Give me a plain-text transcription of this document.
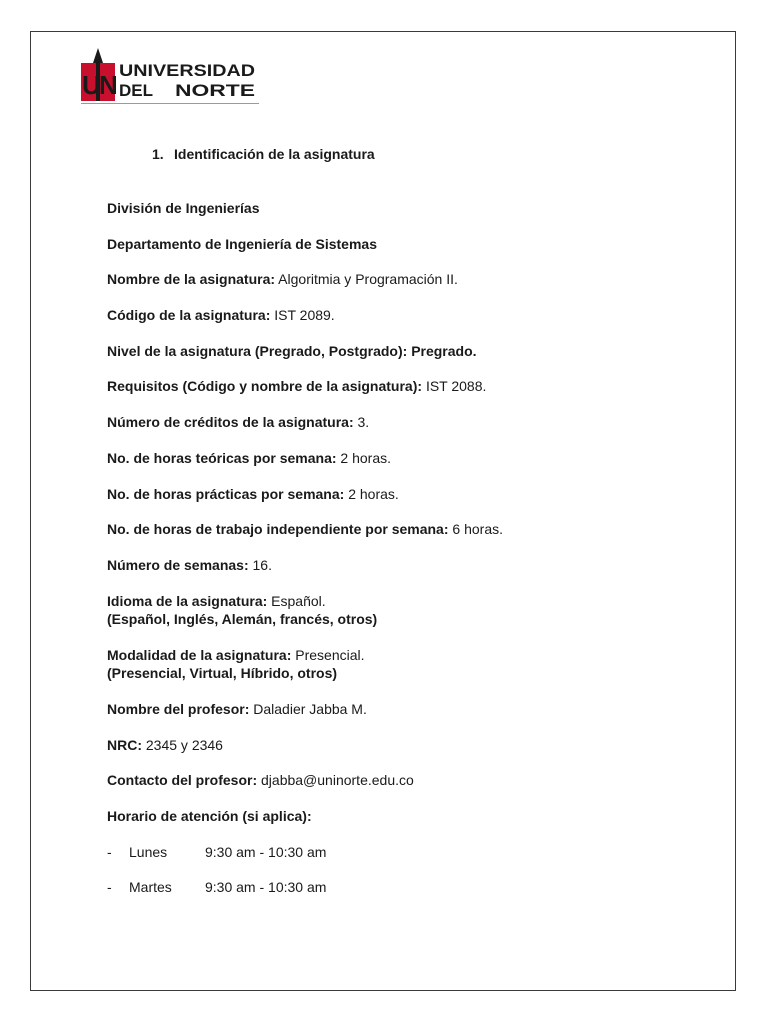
U
N UNIVERSIDAD
DEL NORTE
1. Identificación de la asignatura
División de Ingenierías
Departamento de Ingeniería de Sistemas
Nombre de la asignatura: Algoritmia y Programación II.
Código de la asignatura: IST 2089.
Nivel de la asignatura (Pregrado, Postgrado): Pregrado.
Requisitos (Código y nombre de la asignatura): IST 2088.
Número de créditos de la asignatura: 3.
No. de horas teóricas por semana: 2 horas.
No. de horas prácticas por semana: 2 horas.
No. de horas de trabajo independiente por semana: 6 horas.
Número de semanas: 16.
Idioma de la asignatura: Español.
(Español, Inglés, Alemán, francés, otros)
Modalidad de la asignatura: Presencial.
(Presencial, Virtual, Híbrido, otros)
Nombre del profesor: Daladier Jabba M.
NRC: 2345 y 2346
Contacto del profesor: djabba@uninorte.edu.co
Horario de atención (si aplica):
- Lunes	9:30 am - 10:30 am
- Martes 9:30 am - 10:30 am
